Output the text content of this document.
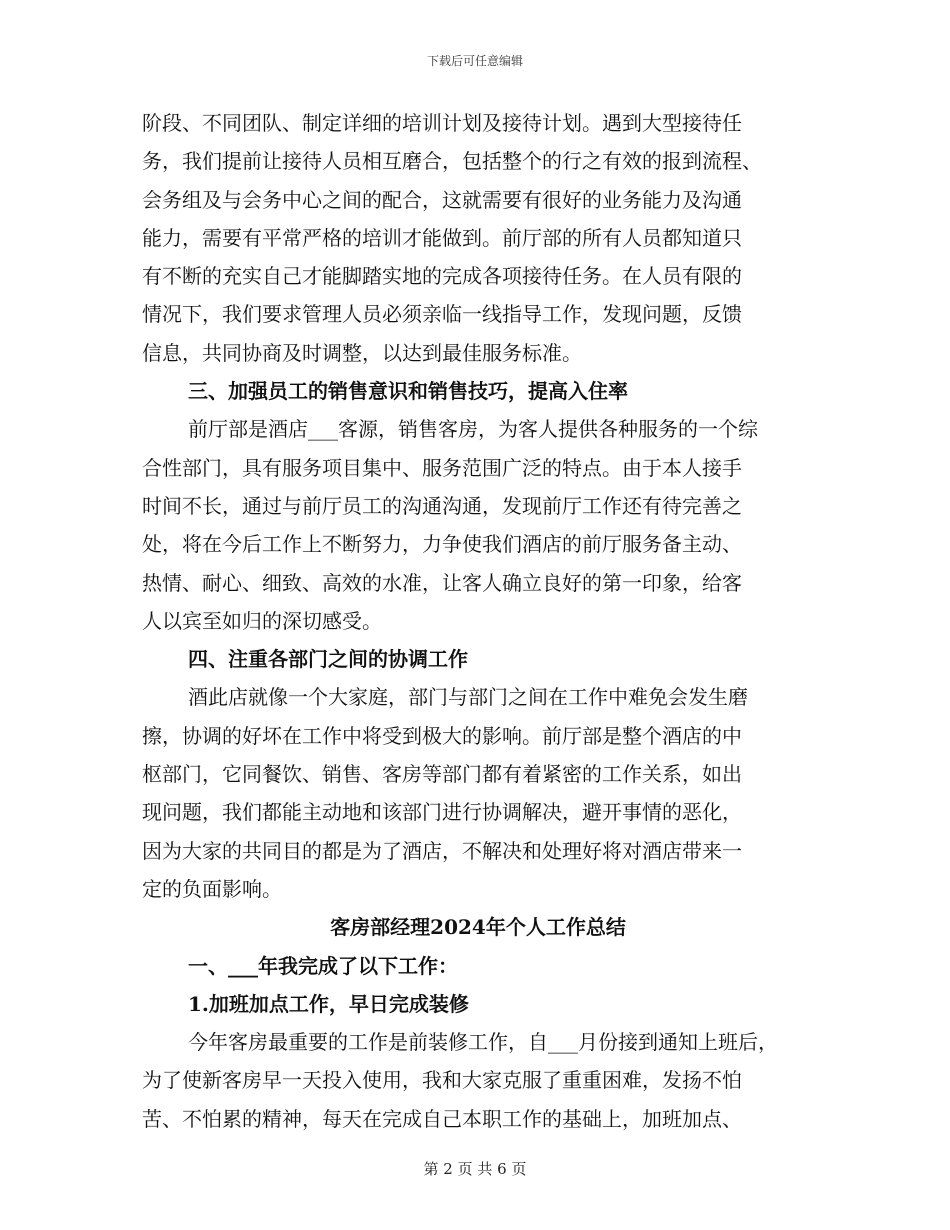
下载后可任意编辑
阶段、不同团队、制定详细的培训计划及接待计划。遇到大型接待任
务，我们提前让接待人员相互磨合，包括整个的行之有效的报到流程、
会务组及与会务中心之间的配合，这就需要有很好的业务能力及沟通
能力，需要有平常严格的培训才能做到。前厅部的所有人员都知道只
有不断的充实自己才能脚踏实地的完成各项接待任务。在人员有限的
情况下，我们要求管理人员必须亲临一线指导工作，发现问题，反馈
信息，共同协商及时调整，以达到最佳服务标准。
三、加强员工的销售意识和销售技巧，提高入住率
前厅部是酒店___客源，销售客房，为客人提供各种服务的一个综
合性部门，具有服务项目集中、服务范围广泛的特点。由于本人接手
时间不长，通过与前厅员工的沟通沟通，发现前厅工作还有待完善之
处，将在今后工作上不断努力，力争使我们酒店的前厅服务备主动、
热情、耐心、细致、高效的水准，让客人确立良好的第一印象，给客
人以宾至如归的深切感受。
四、注重各部门之间的协调工作
酒此店就像一个大家庭，部门与部门之间在工作中难免会发生磨
擦，协调的好坏在工作中将受到极大的影响。前厅部是整个酒店的中
枢部门，它同餐饮、销售、客房等部门都有着紧密的工作关系，如出
现问题，我们都能主动地和该部门进行协调解决，避开事情的恶化，
因为大家的共同目的都是为了酒店，不解决和处理好将对酒店带来一
定的负面影响。
客房部经理2024年个人工作总结
一、___年我完成了以下工作：
1.加班加点工作，早日完成装修
今年客房最重要的工作是前装修工作，自___月份接到通知上班后，
为了使新客房早一天投入使用，我和大家克服了重重困难，发扬不怕
苦、不怕累的精神，每天在完成自己本职工作的基础上，加班加点、
第 2 页 共 6 页
